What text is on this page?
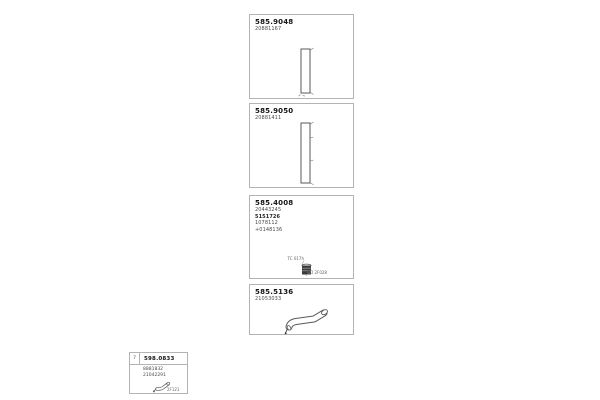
585.9048
20881167
585.9050
20881411
585.4008
20443245
5151726
1078112
+0148136
TC 017h
DO 2F028
585.5136
21053033
7	598.0833
8881832
21042291
2F121
